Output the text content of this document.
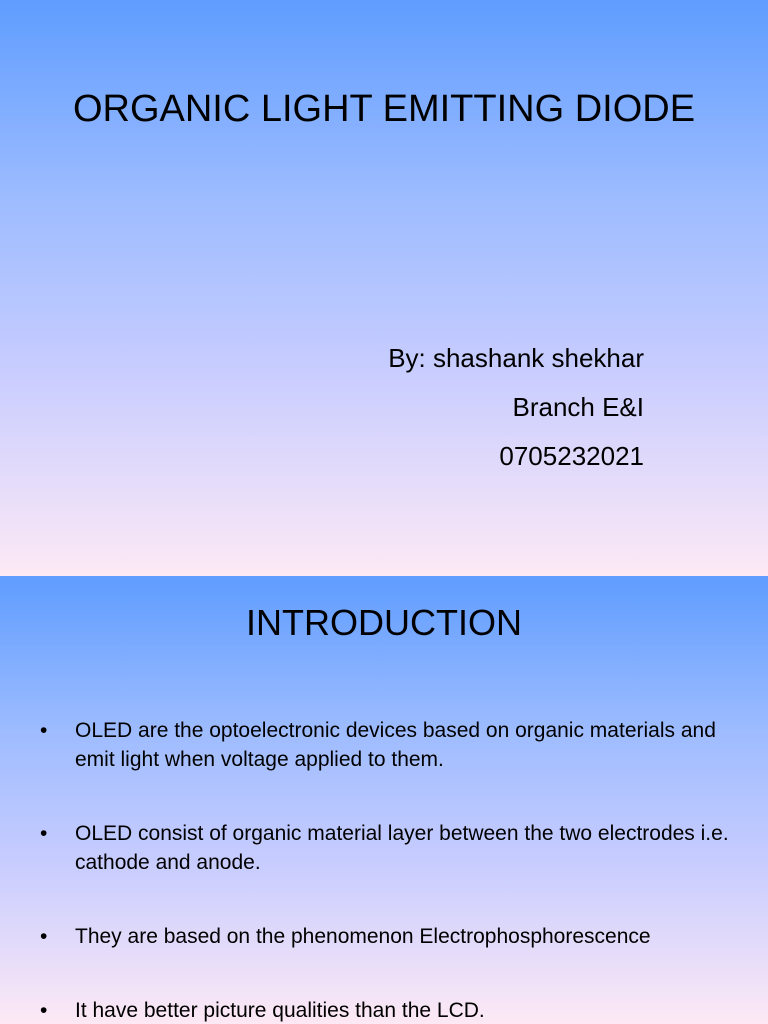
ORGANIC LIGHT EMITTING DIODE
By: shashank shekhar
Branch E&I
0705232021
INTRODUCTION
•	OLED are the optoelectronic devices based on organic materials and emit light when voltage applied to them.
•	OLED consist of organic material layer between the two electrodes i.e. cathode and anode.
•	They are based on the phenomenon Electrophosphorescence
•	It have better picture qualities than the LCD.
